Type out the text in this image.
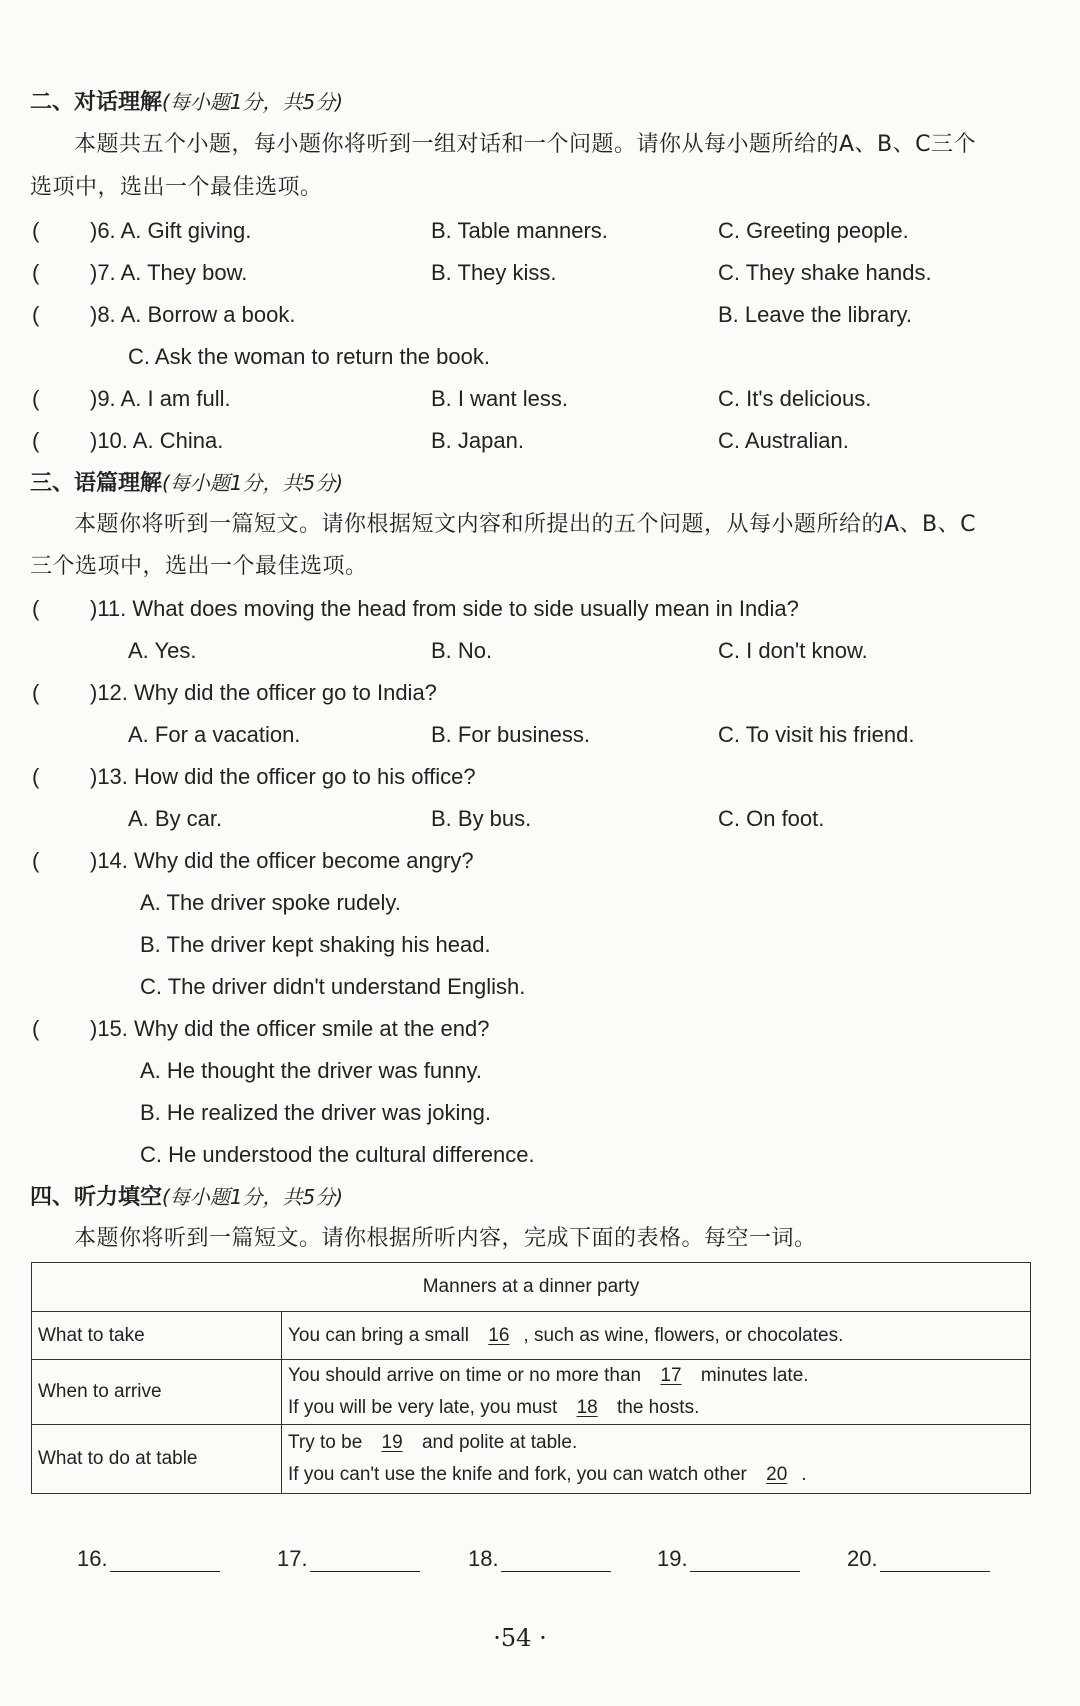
二、对话理解(每小题1分，共5分)
本题共五个小题，每小题你将听到一组对话和一个问题。请你从每小题所给的A、B、C三个
选项中，选出一个最佳选项。
( )6. A. Gift giving.	B. Table manners.	C. Greeting people.
( )7. A. They bow.	B. They kiss.	C. They shake hands.
( )8. A. Borrow a book.	B. Leave the library.
C. Ask the woman to return the book.
( )9. A. I am full.	B. I want less.	C. It's delicious.
( )10. A. China.	B. Japan.	C. Australian.
三、语篇理解(每小题1分，共5分)
本题你将听到一篇短文。请你根据短文内容和所提出的五个问题，从每小题所给的A、B、C
三个选项中，选出一个最佳选项。
( )11. What does moving the head from side to side usually mean in India?
A. Yes.	B. No.	C. I don't know.
( )12. Why did the officer go to India?
A. For a vacation.	B. For business.	C. To visit his friend.
( )13. How did the officer go to his office?
A. By car.	B. By bus.	C. On foot.
( )14. Why did the officer become angry?
A. The driver spoke rudely.
B. The driver kept shaking his head.
C. The driver didn't understand English.
( )15. Why did the officer smile at the end?
A. He thought the driver was funny.
B. He realized the driver was joking.
C. He understood the cultural difference.
四、听力填空(每小题1分，共5分)
本题你将听到一篇短文。请你根据所听内容，完成下面的表格。每空一词。
Manners at a dinner party	
What to take	You can bring a small 16 , such as wine, flowers, or chocolates.
When to arrive	You should arrive on time or no more than 17 minutes late.
If you will be very late, you must 18 the hosts.

What to do at table	Try to be 19 and polite at table.
If you can't use the knife and fork, you can watch other 20 .
16.	17.	18.	19.	20.
·54 ·
